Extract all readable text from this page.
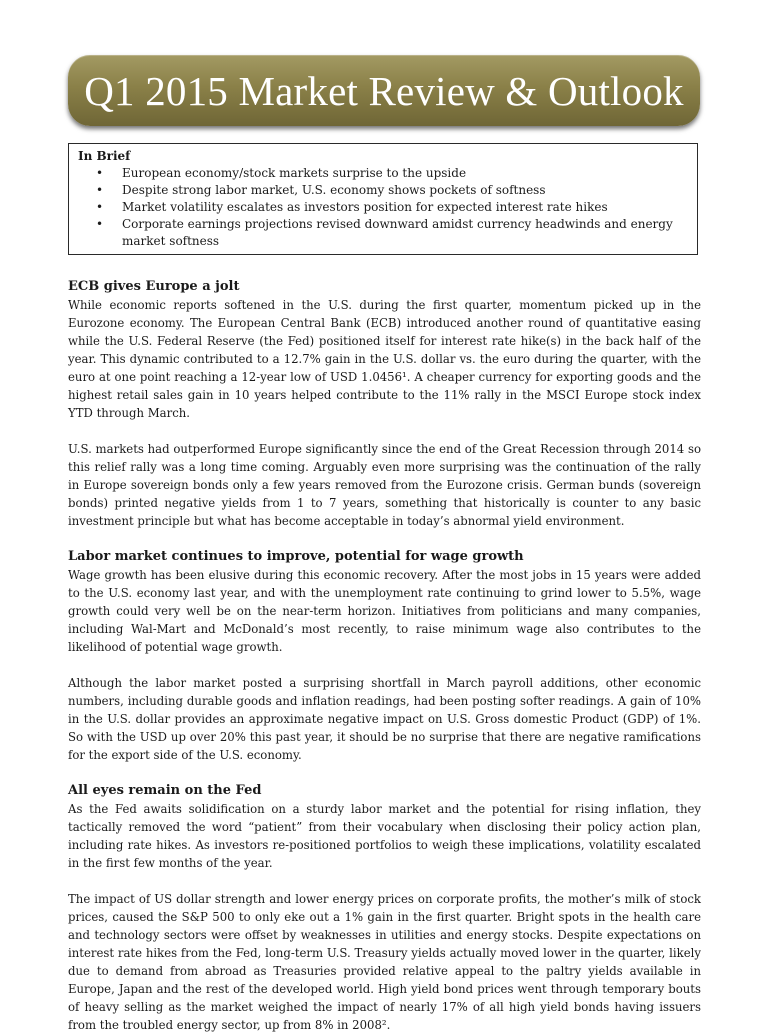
Q1 2015 Market Review & Outlook

In Brief

• European economy/stock markets surprise to the upside
• Despite strong labor market, U.S. economy shows pockets of softness
• Market volatility escalates as investors position for expected interest rate hikes
• Corporate earnings projections revised downward amidst currency headwinds and energy market softness
ECB gives Europe a jolt

While economic reports softened in the U.S. during the first quarter, momentum picked up in the Eurozone economy. The European Central Bank (ECB) introduced another round of quantitative easing while the U.S. Federal Reserve (the Fed) positioned itself for interest rate hike(s) in the back half of the year. This dynamic contributed to a 12.7% gain in the U.S. dollar vs. the euro during the quarter, with the euro at one point reaching a 12-year low of USD 1.0456¹. A cheaper currency for exporting goods and the highest retail sales gain in 10 years helped contribute to the 11% rally in the MSCI Europe stock index YTD through March.

U.S. markets had outperformed Europe significantly since the end of the Great Recession through 2014 so this relief rally was a long time coming. Arguably even more surprising was the continuation of the rally in Europe sovereign bonds only a few years removed from the Eurozone crisis. German bunds (sovereign bonds) printed negative yields from 1 to 7 years, something that historically is counter to any basic investment principle but what has become acceptable in today’s abnormal yield environment.

Labor market continues to improve, potential for wage growth

Wage growth has been elusive during this economic recovery. After the most jobs in 15 years were added to the U.S. economy last year, and with the unemployment rate continuing to grind lower to 5.5%, wage growth could very well be on the near-term horizon. Initiatives from politicians and many companies, including Wal-Mart and McDonald’s most recently, to raise minimum wage also contributes to the likelihood of potential wage growth.

Although the labor market posted a surprising shortfall in March payroll additions, other economic numbers, including durable goods and inflation readings, had been posting softer readings. A gain of 10% in the U.S. dollar provides an approximate negative impact on U.S. Gross domestic Product (GDP) of 1%. So with the USD up over 20% this past year, it should be no surprise that there are negative ramifications for the export side of the U.S. economy.

All eyes remain on the Fed

As the Fed awaits solidification on a sturdy labor market and the potential for rising inflation, they tactically removed the word “patient” from their vocabulary when disclosing their policy action plan, including rate hikes. As investors re-positioned portfolios to weigh these implications, volatility escalated in the first few months of the year.

The impact of US dollar strength and lower energy prices on corporate profits, the mother’s milk of stock prices, caused the S&P 500 to only eke out a 1% gain in the first quarter. Bright spots in the health care and technology sectors were offset by weaknesses in utilities and energy stocks. Despite expectations on interest rate hikes from the Fed, long-term U.S. Treasury yields actually moved lower in the quarter, likely due to demand from abroad as Treasuries provided relative appeal to the paltry yields available in Europe, Japan and the rest of the developed world. High yield bond prices went through temporary bouts of heavy selling as the market weighed the impact of nearly 17% of all high yield bonds having issuers from the troubled energy sector, up from 8% in 2008².
